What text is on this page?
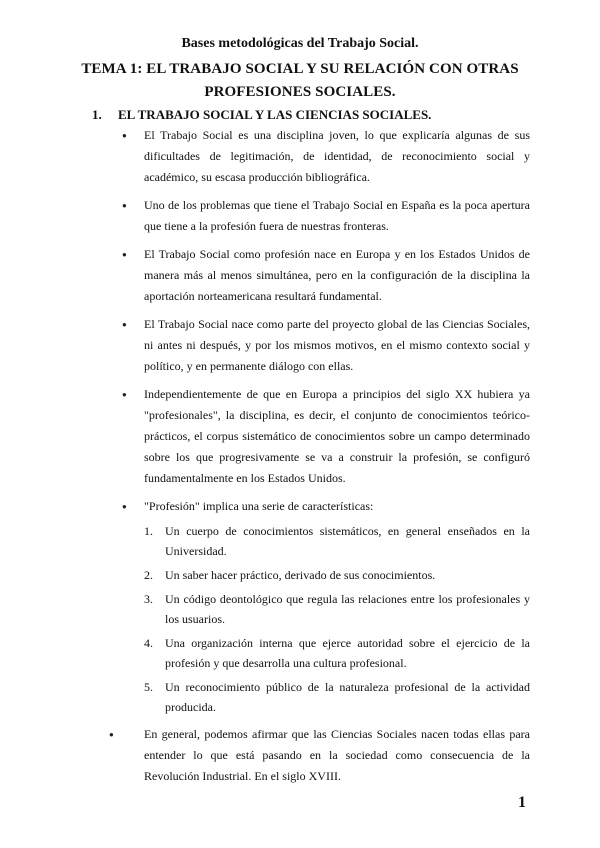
Bases metodológicas del Trabajo Social.
TEMA 1: EL TRABAJO SOCIAL Y SU RELACIÓN CON OTRAS PROFESIONES SOCIALES.
1. EL TRABAJO SOCIAL Y LAS CIENCIAS SOCIALES.
● El Trabajo Social es una disciplina joven, lo que explicaría algunas de sus dificultades de legitimación, de identidad, de reconocimiento social y académico, su escasa producción bibliográfica.
● Uno de los problemas que tiene el Trabajo Social en España es la poca apertura que tiene a la profesión fuera de nuestras fronteras.
● El Trabajo Social como profesión nace en Europa y en los Estados Unidos de manera más al menos simultánea, pero en la configuración de la disciplina la aportación norteamericana resultará fundamental.
● El Trabajo Social nace como parte del proyecto global de las Ciencias Sociales, ni antes ni después, y por los mismos motivos, en el mismo contexto social y político, y en permanente diálogo con ellas.
● Independientemente de que en Europa a principios del siglo XX hubiera ya "profesionales", la disciplina, es decir, el conjunto de conocimientos teórico-prácticos, el corpus sistemático de conocimientos sobre un campo determinado sobre los que progresivamente se va a construir la profesión, se configuró fundamentalmente en los Estados Unidos.
● "Profesión" implica una serie de características:
1. Un cuerpo de conocimientos sistemáticos, en general enseñados en la Universidad.
2. Un saber hacer práctico, derivado de sus conocimientos.
3. Un código deontológico que regula las relaciones entre los profesionales y los usuarios.
4. Una organización interna que ejerce autoridad sobre el ejercicio de la profesión y que desarrolla una cultura profesional.
5. Un reconocimiento público de la naturaleza profesional de la actividad producida.
● En general, podemos afirmar que las Ciencias Sociales nacen todas ellas para entender lo que está pasando en la sociedad como consecuencia de la Revolución Industrial. En el siglo XVIII.
1
